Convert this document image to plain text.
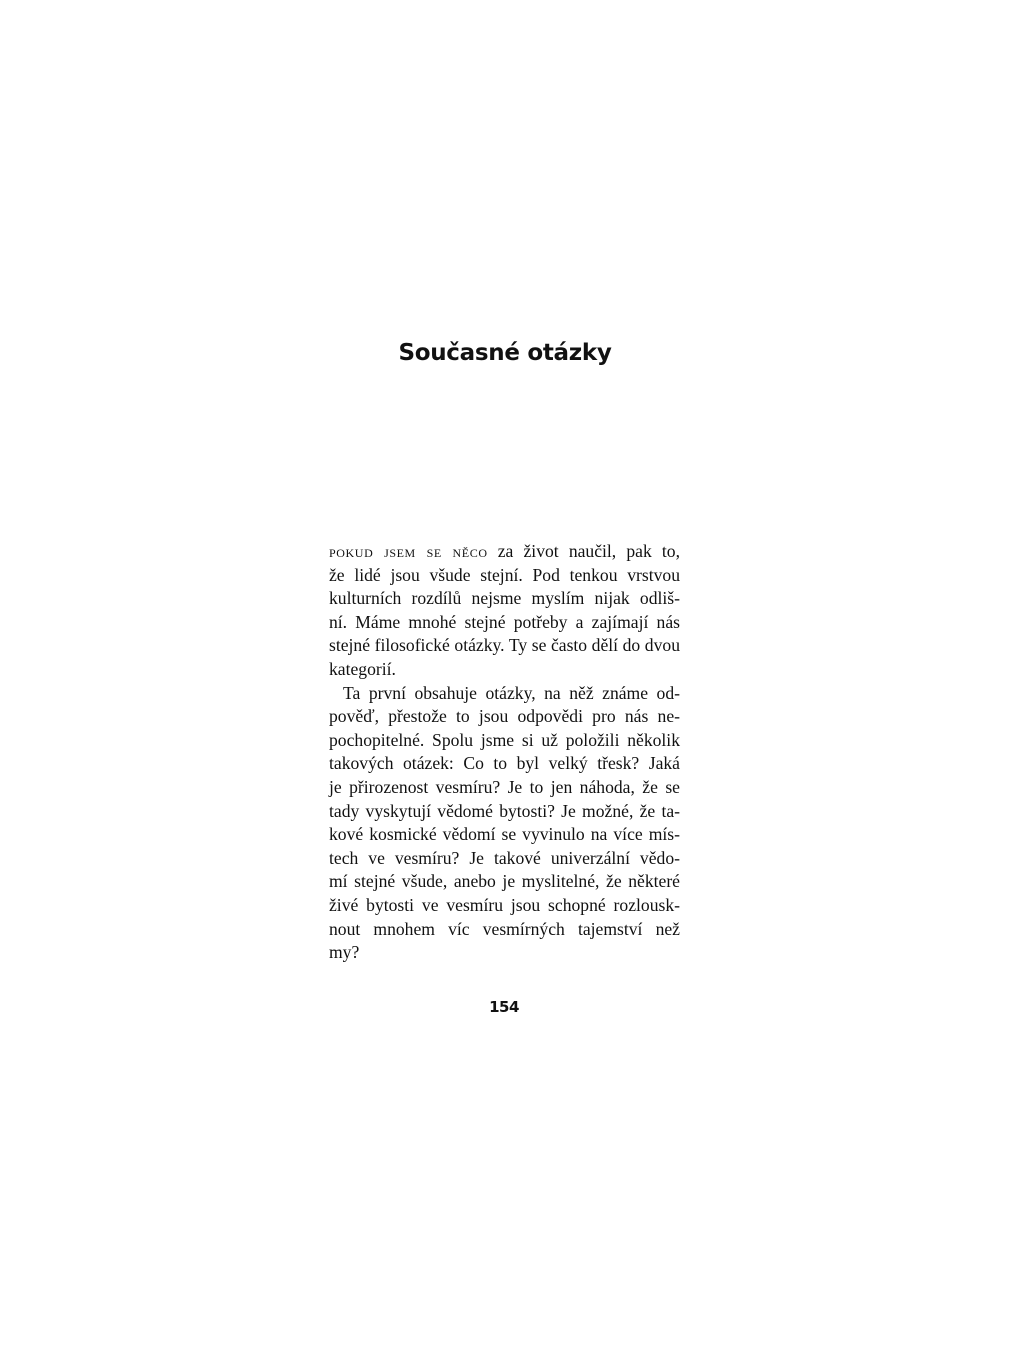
Současné otázky
pokud jsem se něco za život naučil, pak to,
že lidé jsou všude stejní. Pod tenkou vrstvou
kulturních rozdílů nejsme myslím nijak odliš-
ní. Máme mnohé stejné potřeby a zajímají nás
stejné filosofické otázky. Ty se často dělí do dvou
kategorií.
Ta první obsahuje otázky, na něž známe od-
pověď, přestože to jsou odpovědi pro nás ne-
pochopitelné. Spolu jsme si už položili několik
takových otázek: Co to byl velký třesk? Jaká
je přirozenost vesmíru? Je to jen náhoda, že se
tady vyskytují vědomé bytosti? Je možné, že ta-
kové kosmické vědomí se vyvinulo na více mís-
tech ve vesmíru? Je takové univerzální vědo-
mí stejné všude, anebo je myslitelné, že některé
živé bytosti ve vesmíru jsou schopné rozlousk-
nout mnohem víc vesmírných tajemství než
my?
154
